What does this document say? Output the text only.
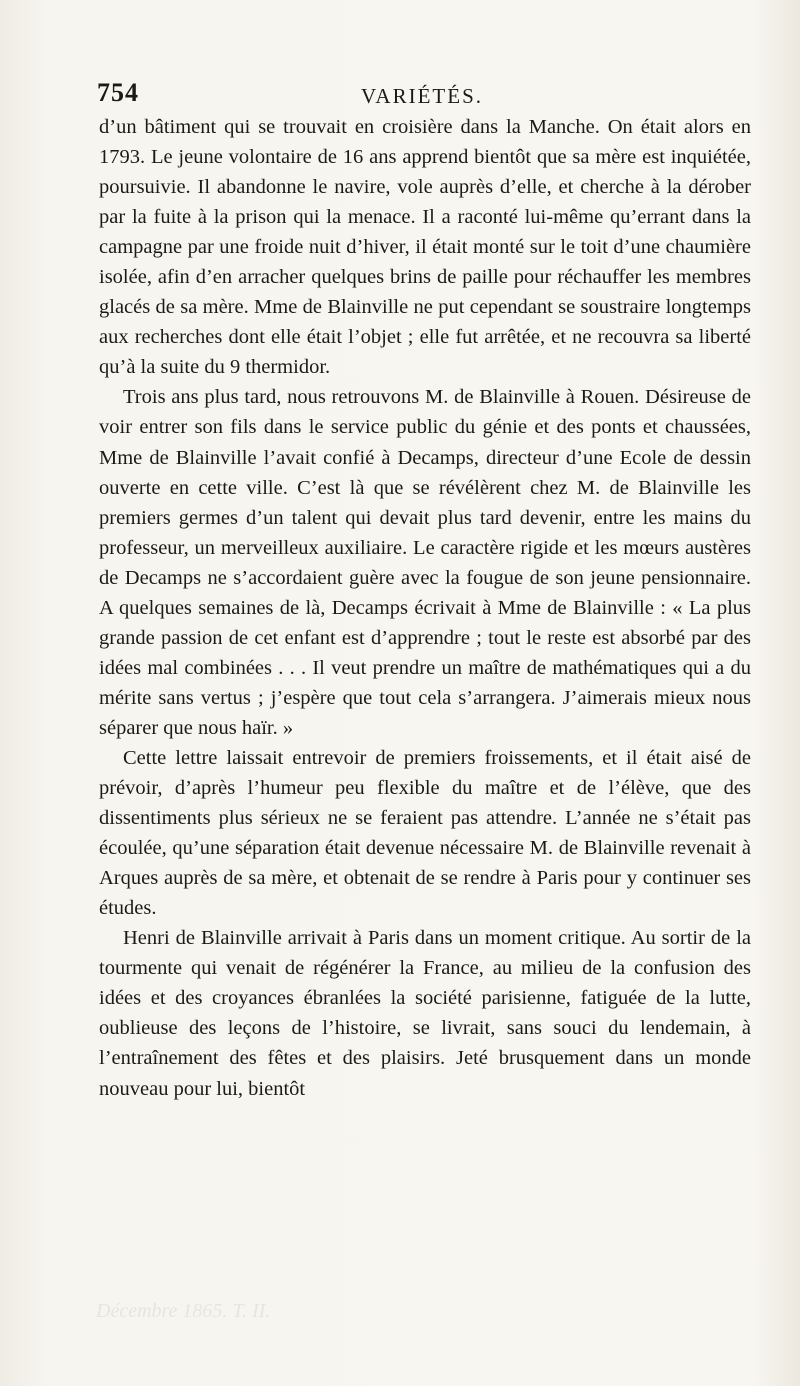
Décembre 1865. T. II.
754	VARIÉTÉS.

d’un bâtiment qui se trouvait en croisière dans la Manche. On était alors en 1793. Le jeune volontaire de 16 ans apprend bientôt que sa mère est inquiétée, poursuivie. Il abandonne le navire, vole auprès d’elle, et cherche à la dérober par la fuite à la prison qui la menace. Il a raconté lui-même qu’errant dans la campagne par une froide nuit d’hiver, il était monté sur le toit d’une chaumière isolée, afin d’en arracher quelques brins de paille pour réchauffer les membres glacés de sa mère. Mme de Blainville ne put cependant se soustraire longtemps aux recherches dont elle était l’objet ; elle fut arrêtée, et ne recouvra sa liberté qu’à la suite du 9 thermidor.

Trois ans plus tard, nous retrouvons M. de Blainville à Rouen. Désireuse de voir entrer son fils dans le service public du génie et des ponts et chaussées, Mme de Blainville l’avait confié à Decamps, directeur d’une Ecole de dessin ouverte en cette ville. C’est là que se révélèrent chez M. de Blainville les premiers germes d’un talent qui devait plus tard devenir, entre les mains du professeur, un merveilleux auxiliaire. Le caractère rigide et les mœurs austères de Decamps ne s’accordaient guère avec la fougue de son jeune pensionnaire. A quelques semaines de là, Decamps écrivait à Mme de Blainville : « La plus grande passion de cet enfant est d’apprendre ; tout le reste est absorbé par des idées mal combinées . . . Il veut prendre un maître de mathématiques qui a du mérite sans vertus ; j’espère que tout cela s’arrangera. J’aimerais mieux nous séparer que nous haïr. »

Cette lettre laissait entrevoir de premiers froissements, et il était aisé de prévoir, d’après l’humeur peu flexible du maître et de l’élève, que des dissentiments plus sérieux ne se feraient pas attendre. L’année ne s’était pas écoulée, qu’une séparation était devenue nécessaire M. de Blainville revenait à Arques auprès de sa mère, et obtenait de se rendre à Paris pour y continuer ses études.

Henri de Blainville arrivait à Paris dans un moment critique. Au sortir de la tourmente qui venait de régénérer la France, au milieu de la confusion des idées et des croyances ébranlées la société parisienne, fatiguée de la lutte, oublieuse des leçons de l’histoire, se livrait, sans souci du lendemain, à l’entraînement des fêtes et des plaisirs. Jeté brusquement dans un monde nouveau pour lui, bientôt
